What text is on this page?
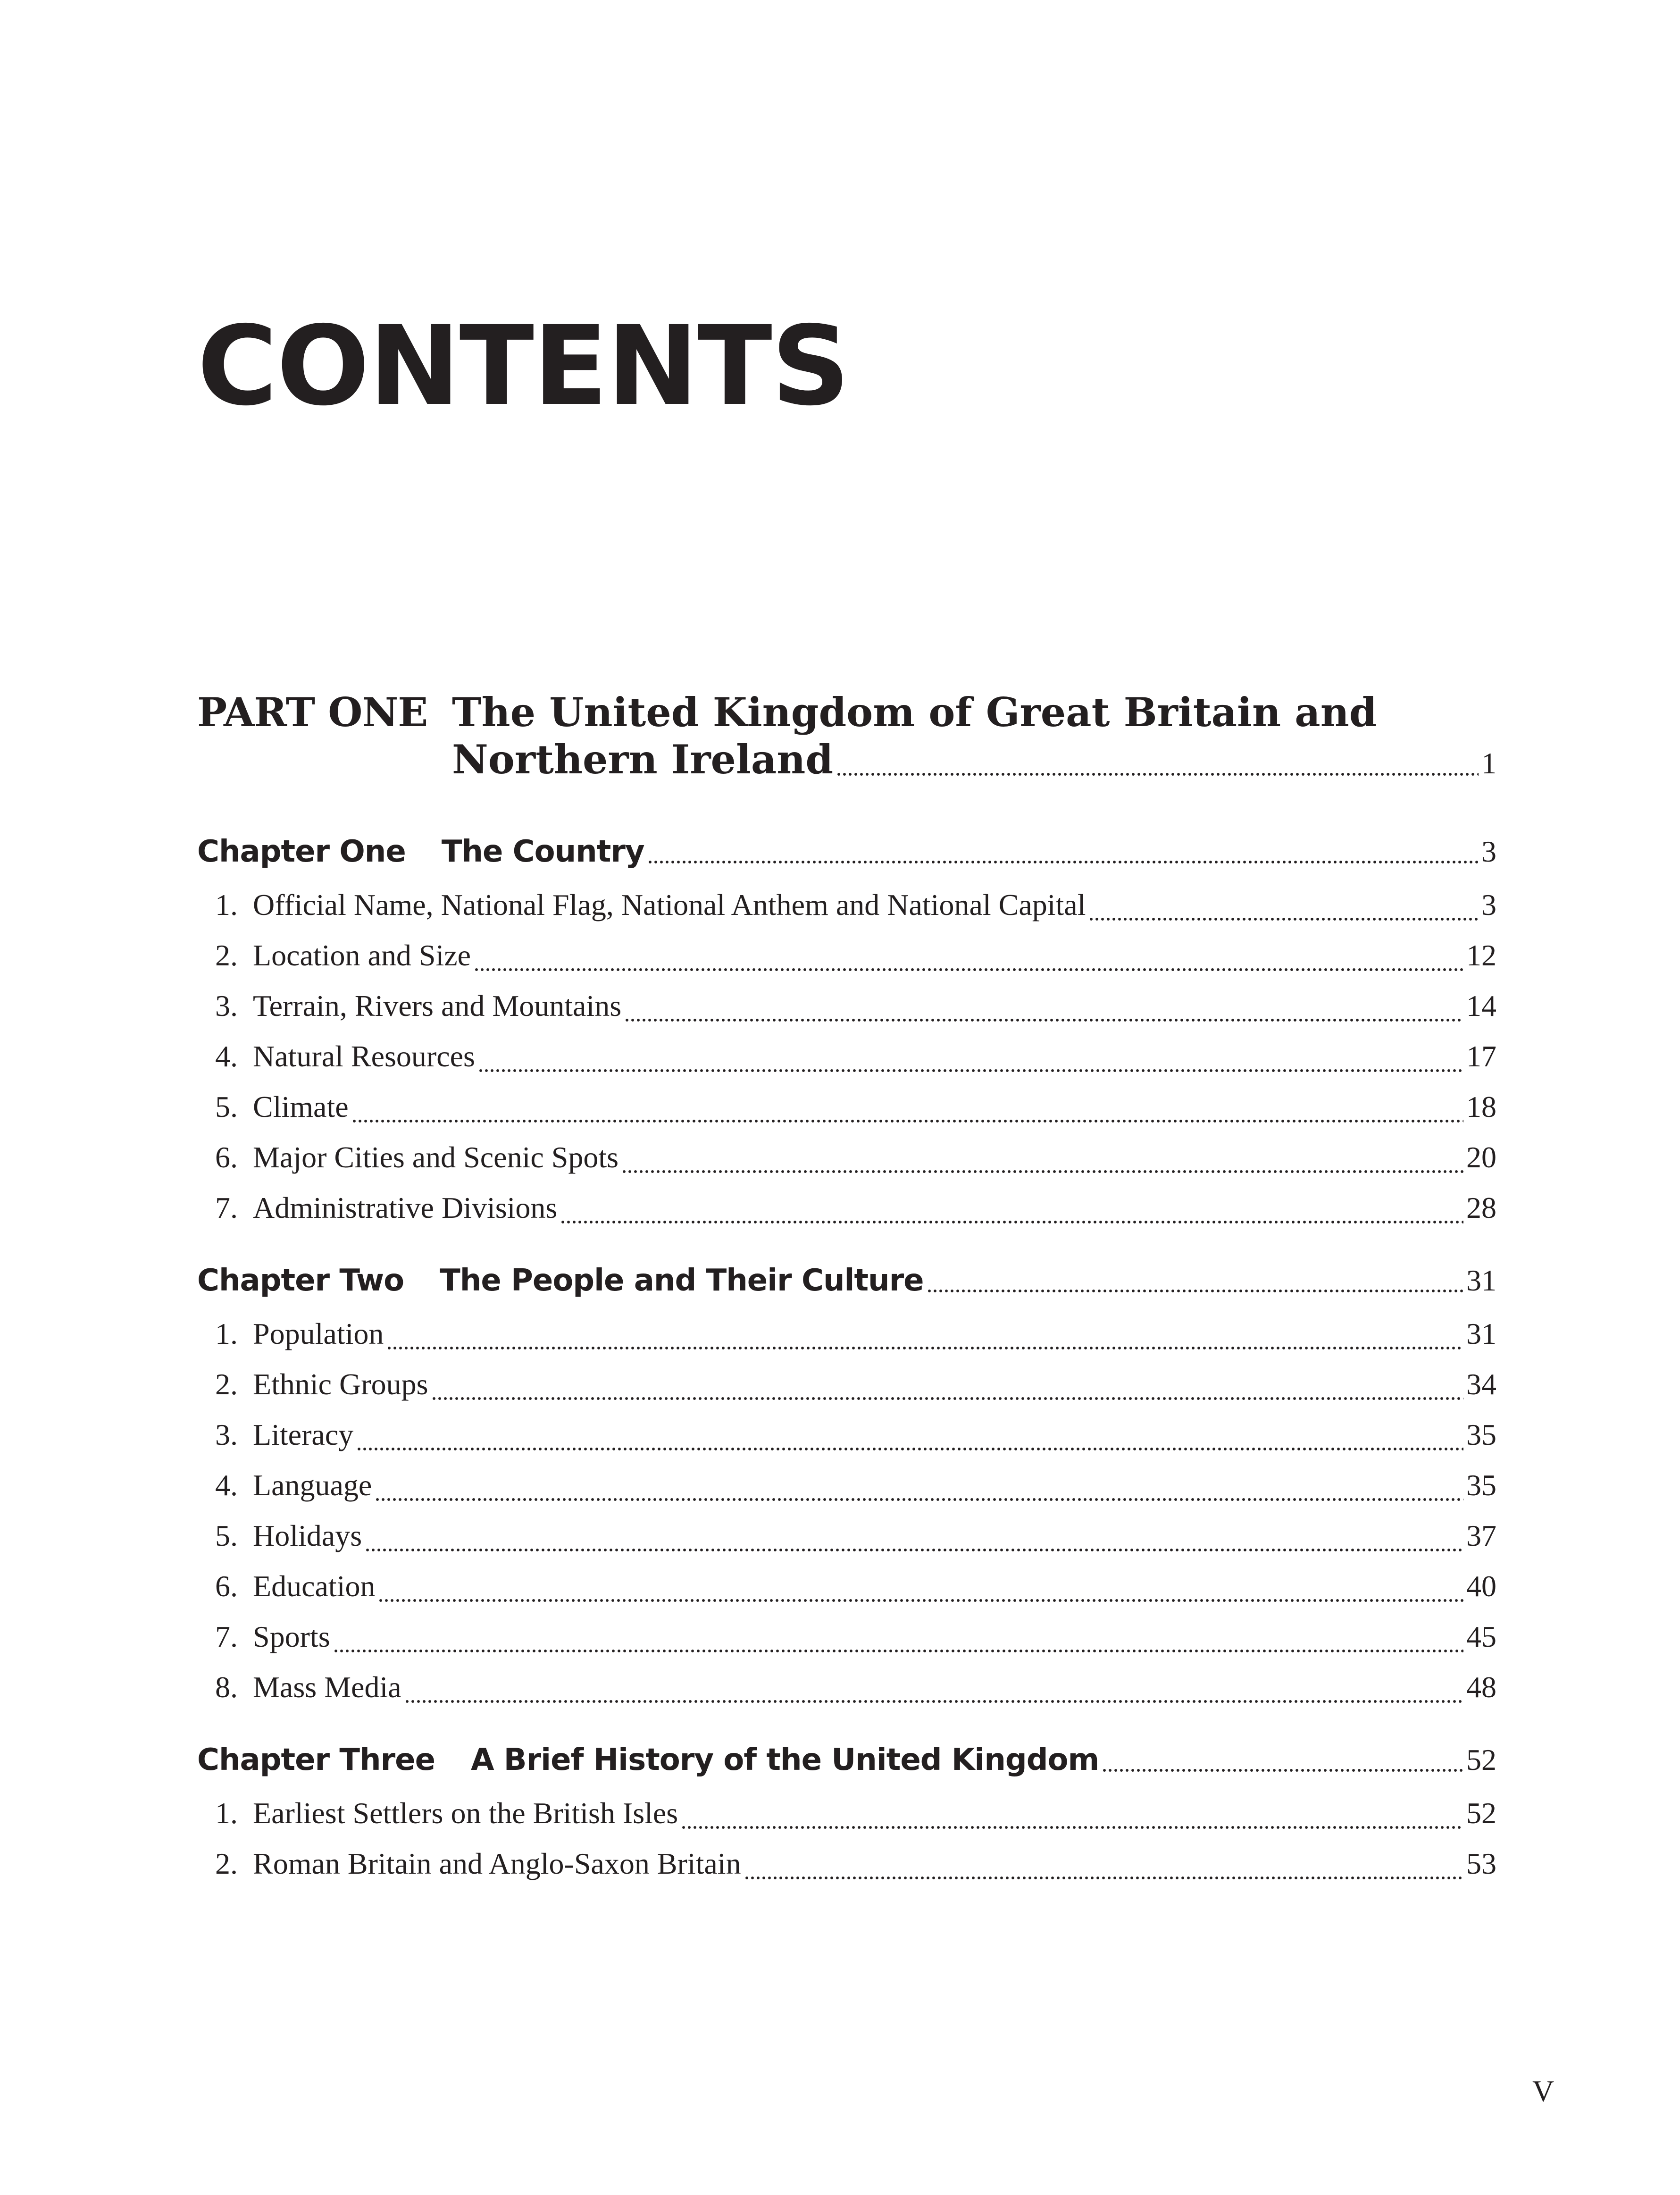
CONTENTS
PART ONE The United Kingdom of Great Britain and
Northern Ireland	1
Chapter One The Country	3
1. Official Name, National Flag, National Anthem and National Capital	3
2. Location and Size	12
3. Terrain, Rivers and Mountains	14
4. Natural Resources	17
5. Climate	18
6. Major Cities and Scenic Spots	20
7. Administrative Divisions	28
Chapter Two The People and Their Culture	31
1. Population	31
2. Ethnic Groups	34
3. Literacy	35
4. Language	35
5. Holidays	37
6. Education	40
7. Sports	45
8. Mass Media	48
Chapter Three A Brief History of the United Kingdom	52
1. Earliest Settlers on the British Isles	52
2. Roman Britain and Anglo-Saxon Britain	53
V
